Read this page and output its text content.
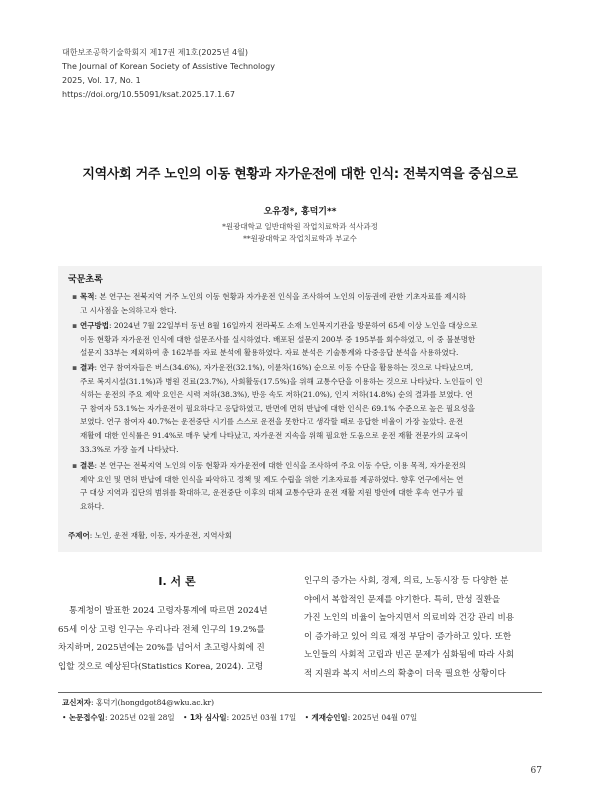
대한보조공학기술학회지 제17권 제1호(2025년 4월)
The Journal of Korean Society of Assistive Technology
2025, Vol. 17, No. 1
https://doi.org/10.55091/ksat.2025.17.1.67
지역사회 거주 노인의 이동 현황과 자가운전에 대한 인식: 전북지역을 중심으로
오유정*, 홍덕기**
*원광대학교 일반대학원 작업치료학과 석사과정
**원광대학교 작업치료학과 부교수
국문초록
▪ 목적: 본 연구는 전북지역 거주 노인의 이동 현황과 자가운전 인식을 조사하여 노인의 이동권에 관한 기초자료를 제시하
고 시사점을 논의하고자 한다.
▪ 연구방법: 2024년 7월 22일부터 동년 8월 16일까지 전라북도 소재 노인복지기관을 방문하여 65세 이상 노인을 대상으로
이동 현황과 자가운전 인식에 대한 설문조사를 실시하였다. 배포된 설문지 200부 중 195부를 회수하였고, 이 중 불분명한
설문지 33부는 제외하여 총 162부를 자료 분석에 활용하였다. 자료 분석은 기술통계와 다중응답 분석을 사용하였다.
▪ 결과: 연구 참여자들은 버스(34.6%), 자가운전(32.1%), 이륜차(16%) 순으로 이동 수단을 활용하는 것으로 나타났으며,
주로 복지시설(31.1%)과 병원 진료(23.7%), 사회활동(17.5%)을 위해 교통수단을 이용하는 것으로 나타났다. 노인들이 인
식하는 운전의 주요 제약 요인은 시력 저하(38.3%), 반응 속도 저하(21.0%), 인지 저하(14.8%) 순의 결과를 보였다. 연
구 참여자 53.1%는 자가운전이 필요하다고 응답하였고, 반면에 면허 반납에 대한 인식은 69.1% 수준으로 높은 필요성을
보였다. 연구 참여자 40.7%는 운전중단 시기를 스스로 운전을 못한다고 생각할 때로 응답한 비율이 가장 높았다. 운전
재활에 대한 인식률은 91.4%로 매우 낮게 나타났고, 자가운전 지속을 위해 필요한 도움으로 운전 재활 전문가의 교육이
33.3%로 가장 높게 나타났다.
▪ 결론: 본 연구는 전북지역 노인의 이동 현황과 자가운전에 대한 인식을 조사하여 주요 이동 수단, 이용 목적, 자가운전의
제약 요인 및 면허 반납에 대한 인식을 파악하고 정책 및 제도 수립을 위한 기초자료를 제공하였다. 향후 연구에서는 연
구 대상 지역과 집단의 범위를 확대하고, 운전중단 이후의 대체 교통수단과 운전 재활 지원 방안에 대한 후속 연구가 필
요하다.
주제어: 노인, 운전 재활, 이동, 자가운전, 지역사회
Ⅰ. 서 론
통계청이 발표한 2024 고령자통계에 따르면 2024년
65세 이상 고령 인구는 우리나라 전체 인구의 19.2%를
차지하며, 2025년에는 20%를 넘어서 초고령사회에 진
입할 것으로 예상된다(Statistics Korea, 2024). 고령
인구의 증가는 사회, 경제, 의료, 노동시장 등 다양한 분
야에서 복합적인 문제를 야기한다. 특히, 만성 질환을
가진 노인의 비율이 높아지면서 의료비와 건강 관리 비용
이 증가하고 있어 의료 재정 부담이 증가하고 있다. 또한
노인들의 사회적 고립과 빈곤 문제가 심화됨에 따라 사회
적 지원과 복지 서비스의 확충이 더욱 필요한 상황이다
교신저자: 홍덕기(hongdgot84@wku.ac.kr)
• 논문접수일: 2025년 02월 28일 • 1차 심사일: 2025년 03월 17일 • 게재승인일: 2025년 04월 07일
67
